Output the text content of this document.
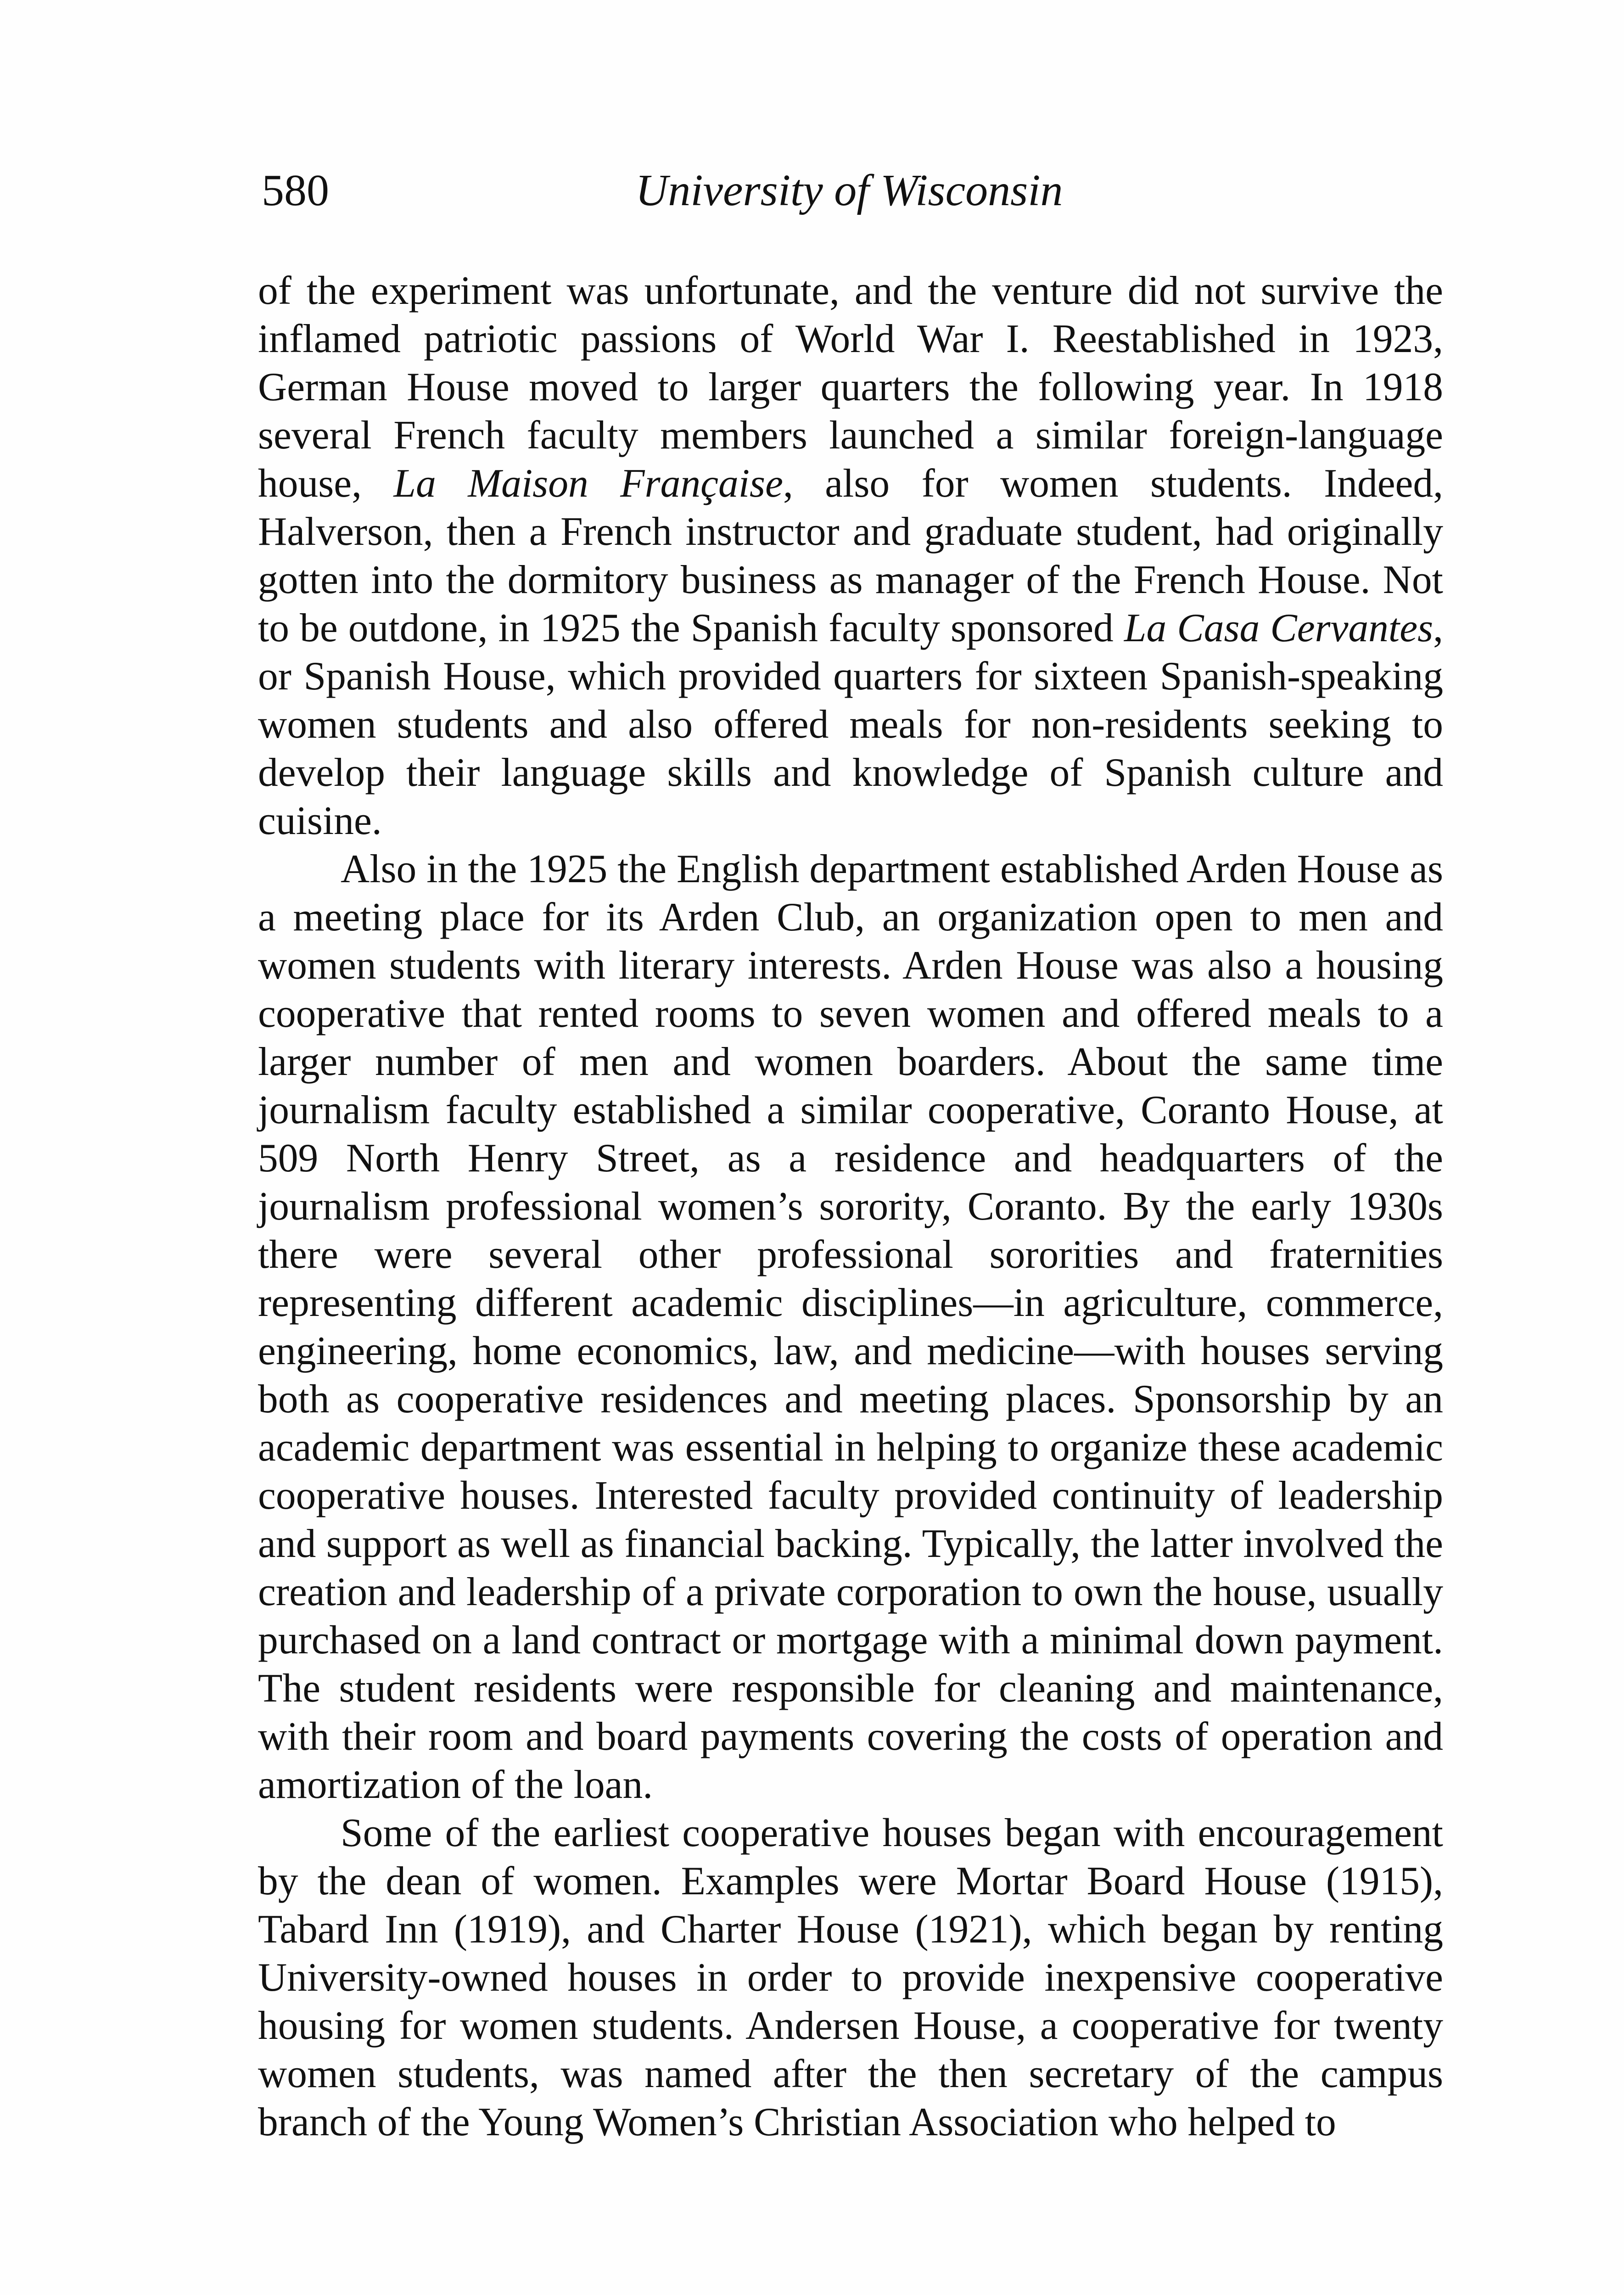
580	University of Wisconsin

of the experiment was unfortunate, and the venture did not survive the inflamed patriotic passions of World War I. Reestablished in 1923, German House moved to larger quarters the following year. In 1918 several French faculty members launched a similar foreign-language house, La Maison Française, also for women students. Indeed, Halverson, then a French instructor and graduate student, had originally gotten into the dormitory business as manager of the French House. Not to be outdone, in 1925 the Spanish faculty sponsored La Casa Cervantes, or Spanish House, which provided quarters for sixteen Spanish-speaking women students and also offered meals for non-residents seeking to develop their language skills and knowledge of Spanish culture and cuisine.

Also in the 1925 the English department established Arden House as a meeting place for its Arden Club, an organization open to men and women students with literary interests. Arden House was also a housing cooperative that rented rooms to seven women and offered meals to a larger number of men and women boarders. About the same time journalism faculty established a similar cooperative, Coranto House, at 509 North Henry Street, as a residence and headquarters of the journalism professional women’s sorority, Coranto. By the early 1930s there were several other professional sororities and fraternities representing different academic disciplines—in agriculture, commerce, engineering, home economics, law, and medicine—with houses serving both as cooperative residences and meeting places. Sponsorship by an academic department was essential in helping to organize these academic cooperative houses. Interested faculty provided continuity of leadership and support as well as financial backing. Typically, the latter involved the creation and leadership of a private corporation to own the house, usually purchased on a land contract or mortgage with a minimal down payment. The student residents were responsible for cleaning and maintenance, with their room and board payments covering the costs of operation and amortization of the loan.

Some of the earliest cooperative houses began with encouragement by the dean of women. Examples were Mortar Board House (1915), Tabard Inn (1919), and Charter House (1921), which began by renting University-owned houses in order to provide inexpensive cooperative housing for women students. Andersen House, a cooperative for twenty women students, was named after the then secretary of the campus branch of the Young Women’s Christian Association who helped to
